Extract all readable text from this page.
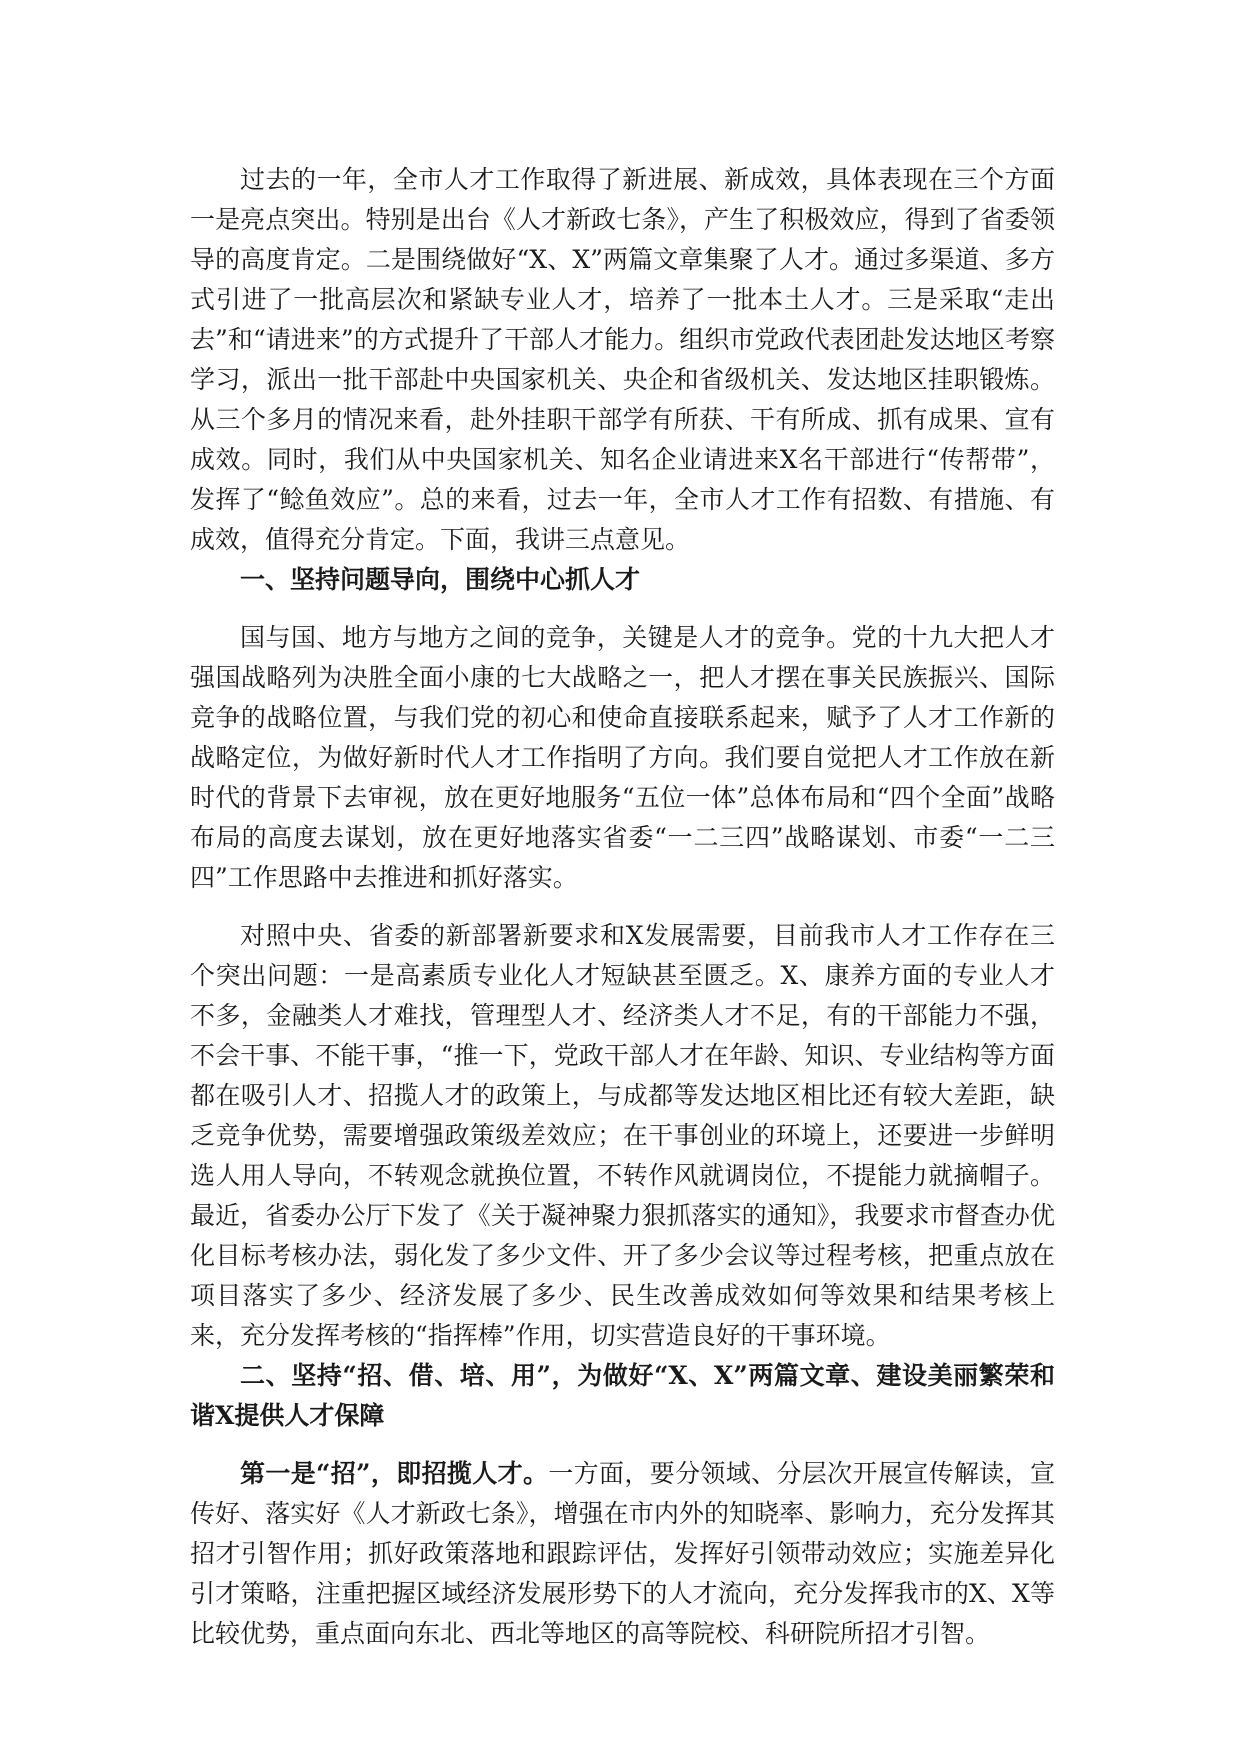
过去的一年，全市人才工作取得了新进展、新成效，具体表现在三个方面一是亮点突出。特别是出台《人才新政七条》，产生了积极效应，得到了省委领导的高度肯定。二是围绕做好“X、X”两篇文章集聚了人才。通过多渠道、多方式引进了一批高层次和紧缺专业人才，培养了一批本土人才。三是采取“走出去”和“请进来”的方式提升了干部人才能力。组织市党政代表团赴发达地区考察学习，派出一批干部赴中央国家机关、央企和省级机关、发达地区挂职锻炼。从三个多月的情况来看，赴外挂职干部学有所获、干有所成、抓有成果、宣有成效。同时，我们从中央国家机关、知名企业请进来X名干部进行“传帮带”，发挥了“鲶鱼效应”。总的来看，过去一年，全市人才工作有招数、有措施、有成效，值得充分肯定。下面，我讲三点意见。

一、坚持问题导向，围绕中心抓人才

国与国、地方与地方之间的竞争，关键是人才的竞争。党的十九大把人才强国战略列为决胜全面小康的七大战略之一，把人才摆在事关民族振兴、国际竞争的战略位置，与我们党的初心和使命直接联系起来，赋予了人才工作新的战略定位，为做好新时代人才工作指明了方向。我们要自觉把人才工作放在新时代的背景下去审视，放在更好地服务“五位一体”总体布局和“四个全面”战略布局的高度去谋划，放在更好地落实省委“一二三四”战略谋划、市委“一二三四”工作思路中去推进和抓好落实。

对照中央、省委的新部署新要求和X发展需要，目前我市人才工作存在三个突出问题：一是高素质专业化人才短缺甚至匮乏。X、康养方面的专业人才不多，金融类人才难找，管理型人才、经济类人才不足，有的干部能力不强，不会干事、不能干事，“推一下，党政干部人才在年龄、知识、专业结构等方面都在吸引人才、招揽人才的政策上，与成都等发达地区相比还有较大差距，缺乏竞争优势，需要增强政策级差效应；在干事创业的环境上，还要进一步鲜明选人用人导向，不转观念就换位置，不转作风就调岗位，不提能力就摘帽子。最近，省委办公厅下发了《关于凝神聚力狠抓落实的通知》，我要求市督查办优化目标考核办法，弱化发了多少文件、开了多少会议等过程考核，把重点放在项目落实了多少、经济发展了多少、民生改善成效如何等效果和结果考核上来，充分发挥考核的“指挥棒”作用，切实营造良好的干事环境。

二、坚持“招、借、培、用”，为做好“X、X”两篇文章、建设美丽繁荣和谐X提供人才保障

第一是“招”，即招揽人才。一方面，要分领域、分层次开展宣传解读，宣传好、落实好《人才新政七条》，增强在市内外的知晓率、影响力，充分发挥其招才引智作用；抓好政策落地和跟踪评估，发挥好引领带动效应；实施差异化引才策略，注重把握区域经济发展形势下的人才流向，充分发挥我市的X、X等比较优势，重点面向东北、西北等地区的高等院校、科研院所招才引智。
